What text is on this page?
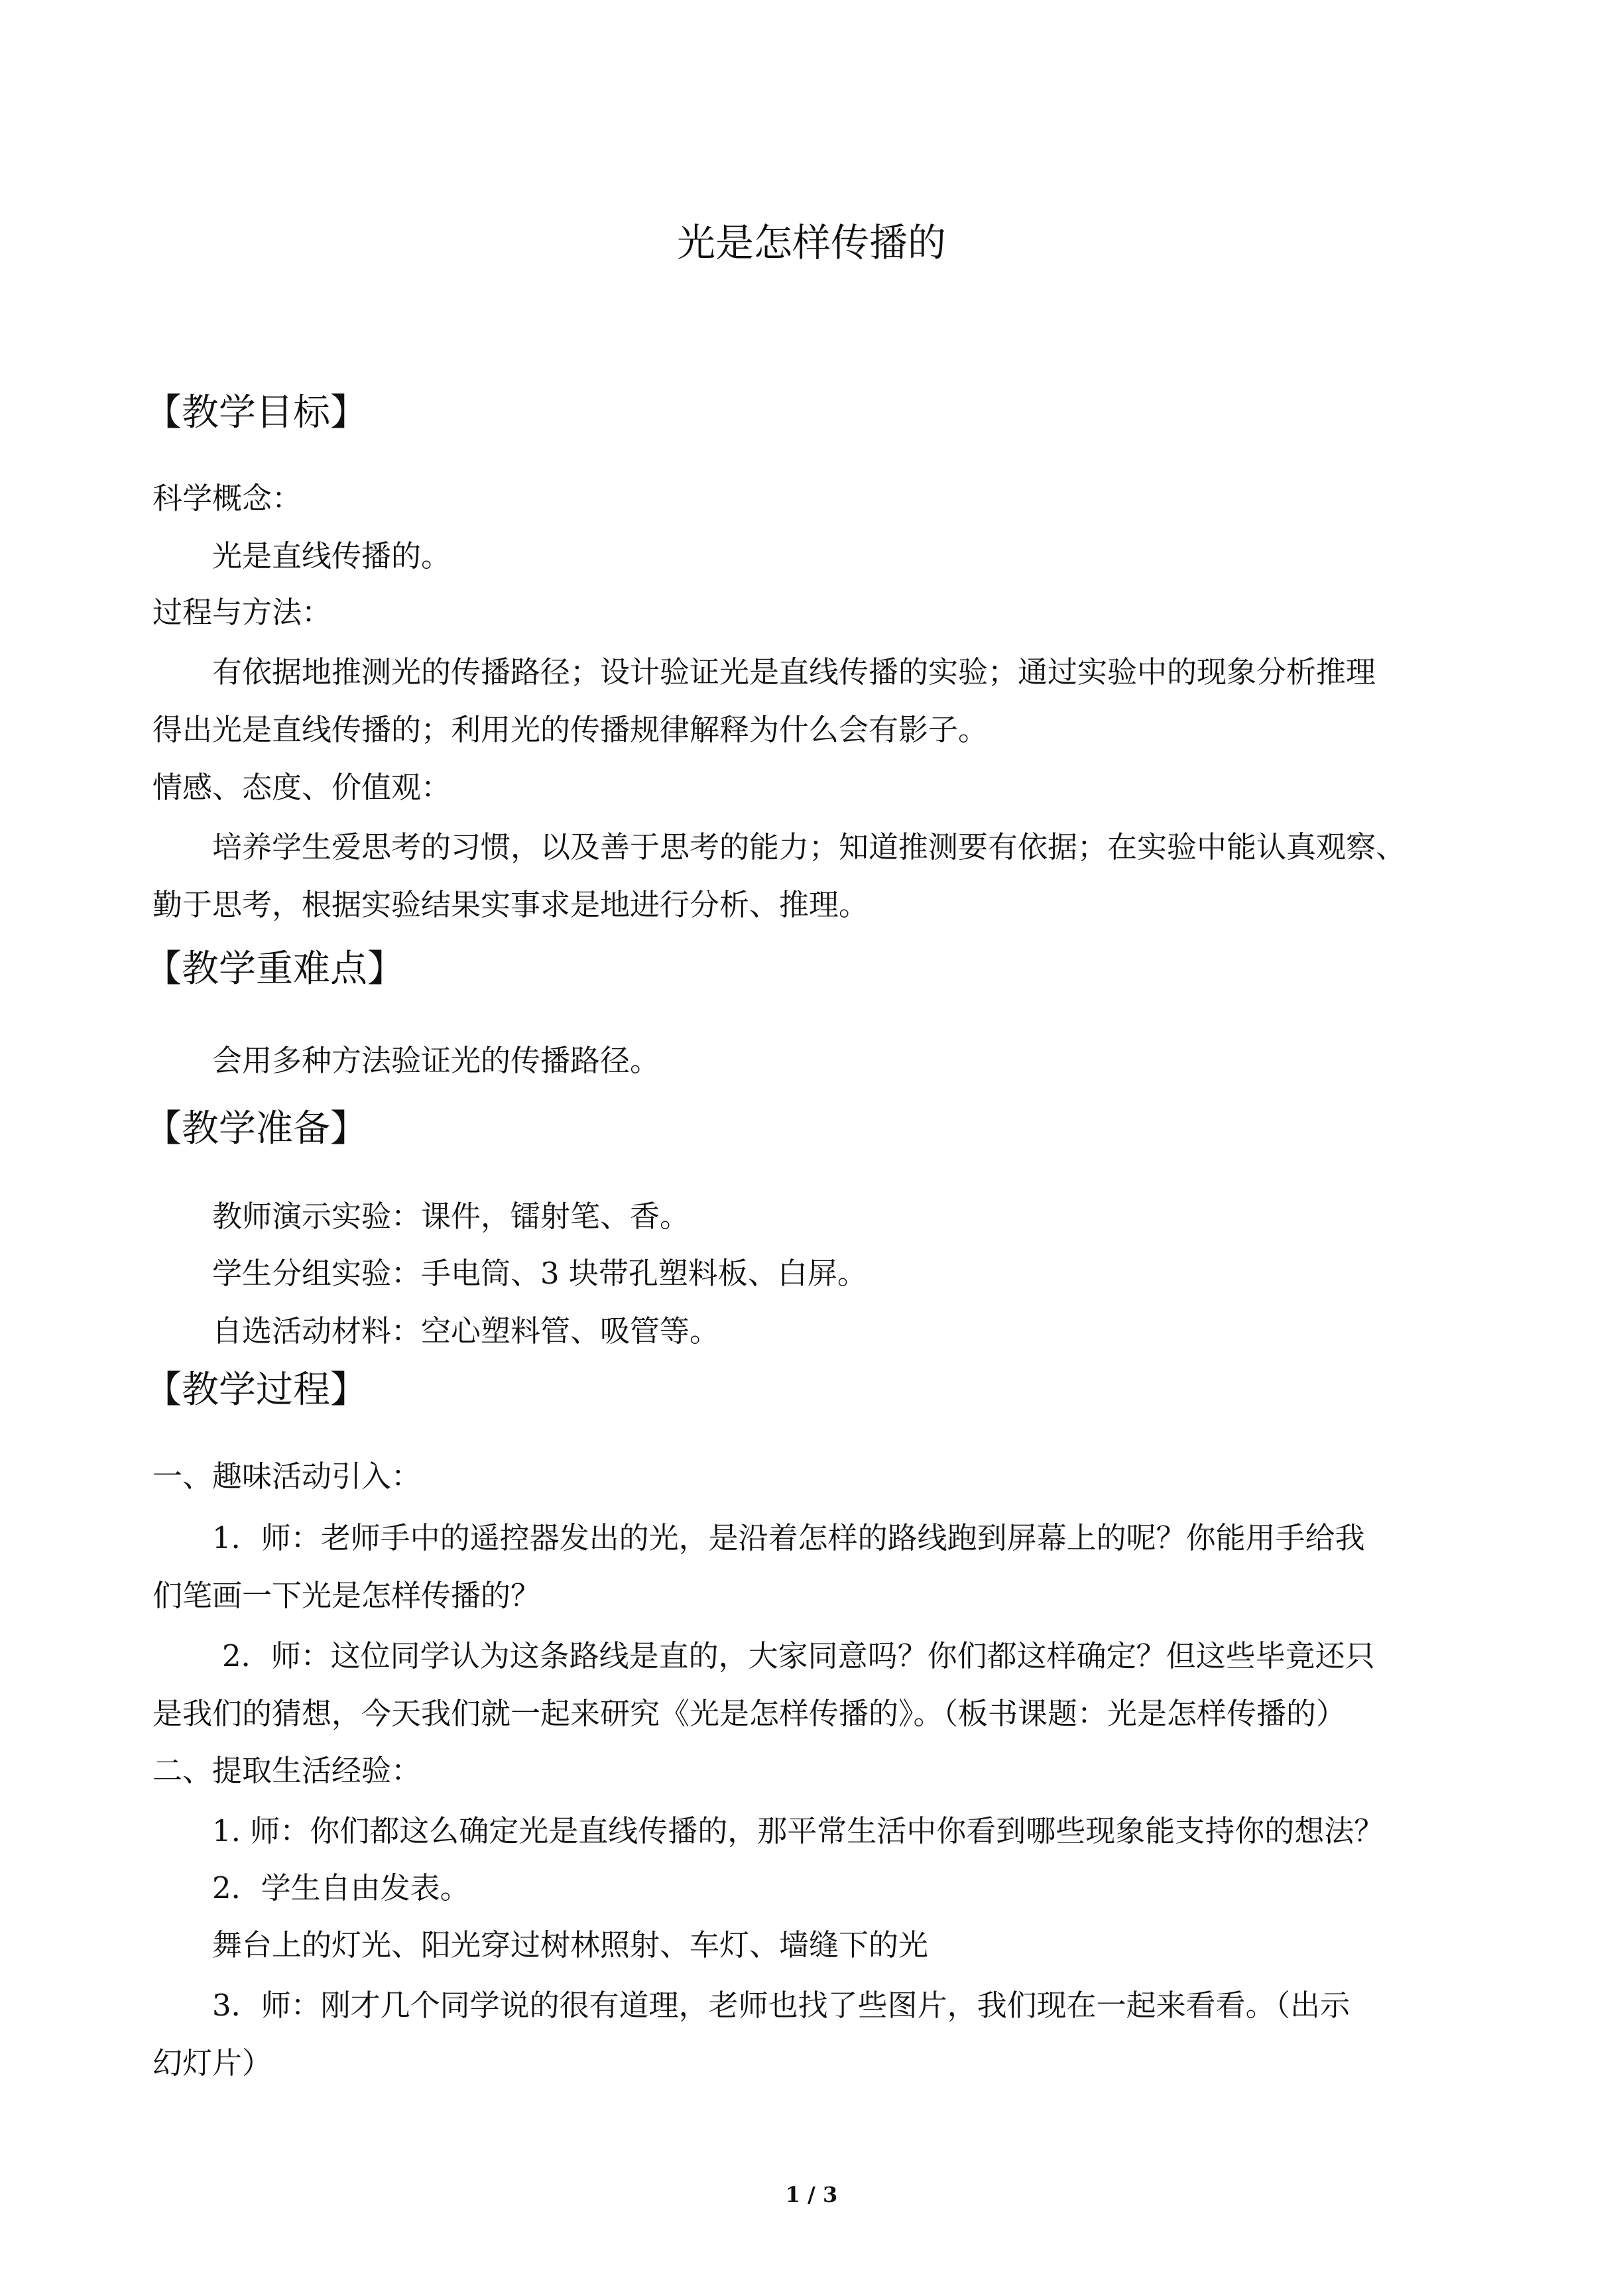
光是怎样传播的
【教学目标】

科学概念：

光是直线传播的。

过程与方法：

有依据地推测光的传播路径；设计验证光是直线传播的实验；通过实验中的现象分析推理

得出光是直线传播的；利用光的传播规律解释为什么会有影子。

情感、态度、价值观：

培养学生爱思考的习惯，以及善于思考的能力；知道推测要有依据；在实验中能认真观察、

勤于思考，根据实验结果实事求是地进行分析、推理。

【教学重难点】

会用多种方法验证光的传播路径。

【教学准备】

教师演示实验：课件，镭射笔、香。

学生分组实验：手电筒、3 块带孔塑料板、白屏。

自选活动材料：空心塑料管、吸管等。

【教学过程】

一、趣味活动引入：

1．师：老师手中的遥控器发出的光，是沿着怎样的路线跑到屏幕上的呢？你能用手给我

们笔画一下光是怎样传播的？

2．师：这位同学认为这条路线是直的，大家同意吗？你们都这样确定？但这些毕竟还只

是我们的猜想，今天我们就一起来研究《光是怎样传播的》。（板书课题：光是怎样传播的）

二、提取生活经验：

1. 师：你们都这么确定光是直线传播的，那平常生活中你看到哪些现象能支持你的想法？

2．学生自由发表。

舞台上的灯光、阳光穿过树林照射、车灯、墙缝下的光

3．师：刚才几个同学说的很有道理，老师也找了些图片，我们现在一起来看看。（出示

幻灯片）

1 / 3
